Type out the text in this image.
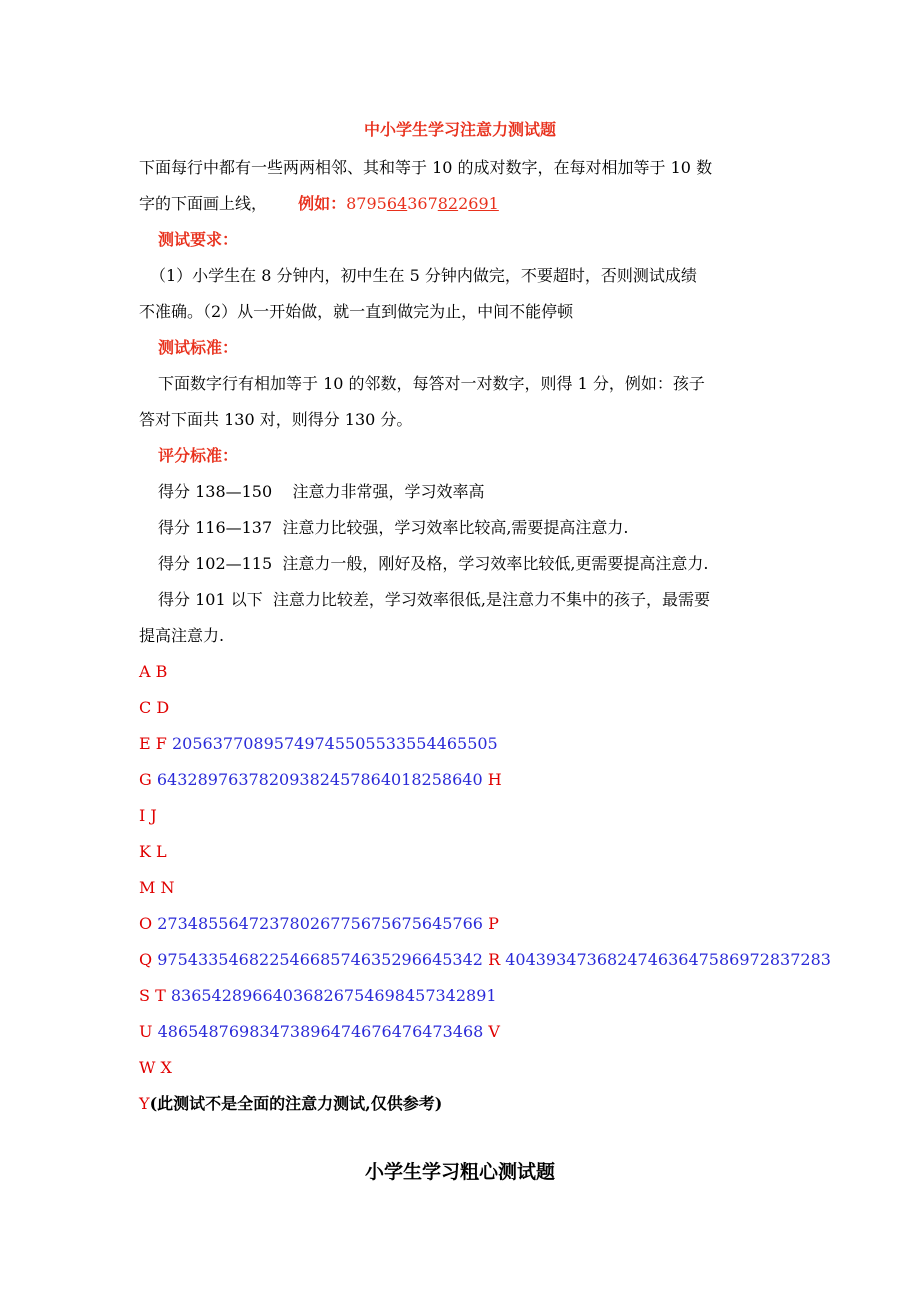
中小学生学习注意力测试题
下面每行中都有一些两两相邻、其和等于 10 的成对数字，在每对相加等于 10 数
字的下面画上线， 例如：879564367822691
测试要求：
（1）小学生在 8 分钟内，初中生在 5 分钟内做完，不要超时，否则测试成绩
不准确。（2）从一开始做，就一直到做完为止，中间不能停顿
测试标准：
下面数字行有相加等于 10 的邻数，每答对一对数字，则得 1 分，例如：孩子
答对下面共 130 对，则得分 130 分。
评分标准：
得分 138—150    注意力非常强，学习效率高
得分 116—137  注意力比较强，学习效率比较高,需要提高注意力.
得分 102—115  注意力一般，刚好及格，学习效率比较低,更需要提高注意力.
得分 101 以下  注意力比较差，学习效率很低,是注意力不集中的孩子，最需要
提高注意力.
A B
C D
E F 20563770895749745505533554465505
G 64328976378209382457864018258640 H
I J
K L
M N
O 27348556472378026775675675645766 P
Q 97543354682254668574635296645342 R 40439347368247463647586972837283
S T 83654289664036826754698457342891
U 48654876983473896474676476473468 V
W X
Y(此测试不是全面的注意力测试,仅供参考)
小学生学习粗心测试题
